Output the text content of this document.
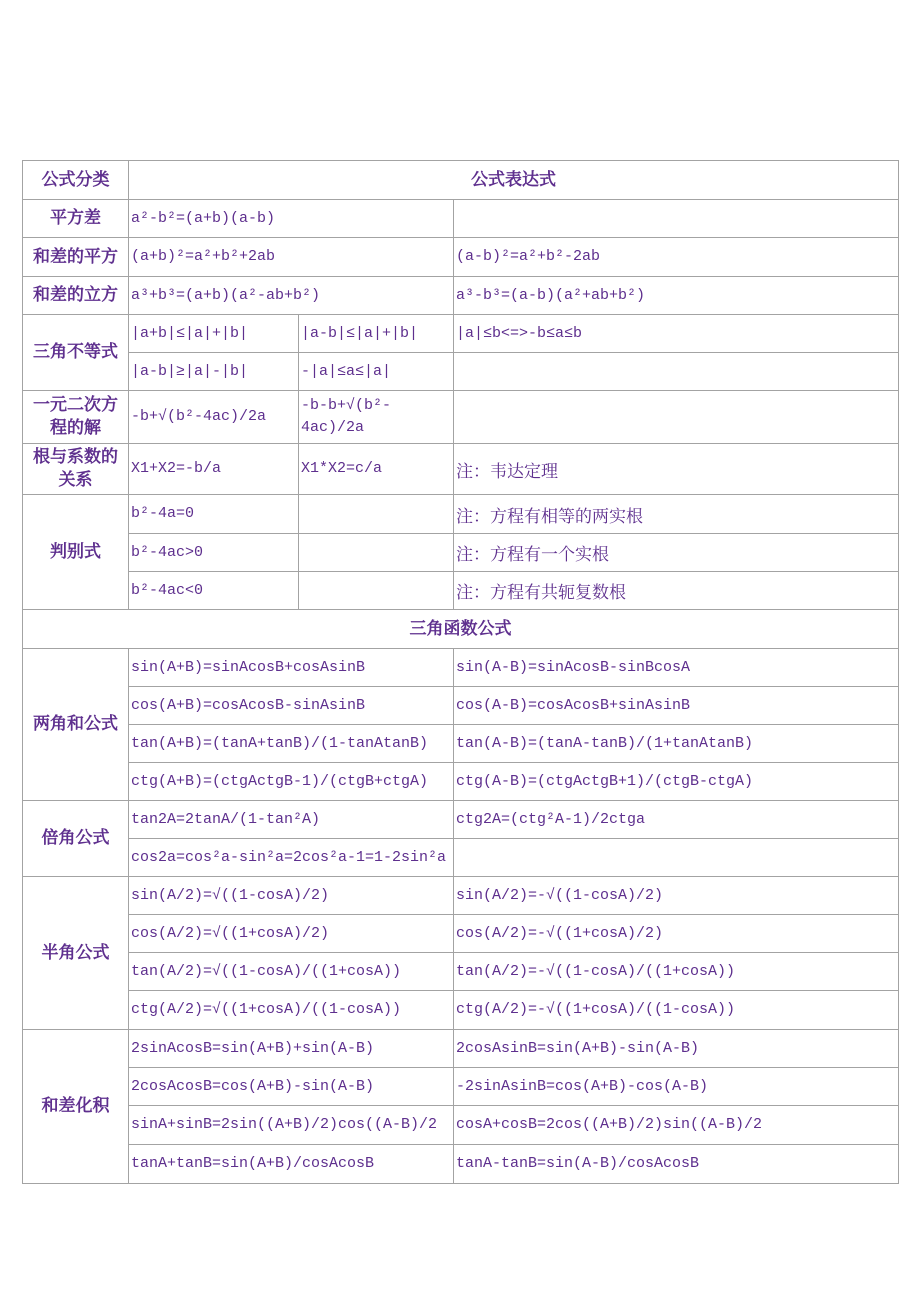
公式分类	公式表达式		
平方差	a²-b²=(a+b)(a-b)		
和差的平方	(a+b)²=a²+b²+2ab		(a-b)²=a²+b²-2ab
和差的立方	a³+b³=(a+b)(a²-ab+b²)		a³-b³=(a-b)(a²+ab+b²)
三角不等式	|a+b|≤|a|+|b|	|a-b|≤|a|+|b|	|a|≤b<=>-b≤a≤b
	|a-b|≥|a|-|b|	-|a|≤a≤|a|	
一元二次方程的解	-b+√(b²-4ac)/2a	-b-b+√(b²-4ac)/2a	
根与系数的关系	X1+X2=-b/a	X1*X2=c/a	注：韦达定理
判别式	b²-4a=0		注：方程有相等的两实根
	b²-4ac>0		注：方程有一个实根
	b²-4ac<0		注：方程有共轭复数根
三角函数公式			
两角和公式	sin(A+B)=sinAcosB+cosAsinB		sin(A-B)=sinAcosB-sinBcosA
	cos(A+B)=cosAcosB-sinAsinB		cos(A-B)=cosAcosB+sinAsinB
	tan(A+B)=(tanA+tanB)/(1-tanAtanB)		tan(A-B)=(tanA-tanB)/(1+tanAtanB)
	ctg(A+B)=(ctgActgB-1)/(ctgB+ctgA)		ctg(A-B)=(ctgActgB+1)/(ctgB-ctgA)
倍角公式	tan2A=2tanA/(1-tan²A)		ctg2A=(ctg²A-1)/2ctga
	cos2a=cos²a-sin²a=2cos²a-1=1-2sin²a		
半角公式	sin(A/2)=√((1-cosA)/2)		sin(A/2)=-√((1-cosA)/2)
	cos(A/2)=√((1+cosA)/2)		cos(A/2)=-√((1+cosA)/2)
	tan(A/2)=√((1-cosA)/((1+cosA))		tan(A/2)=-√((1-cosA)/((1+cosA))
	ctg(A/2)=√((1+cosA)/((1-cosA))		ctg(A/2)=-√((1+cosA)/((1-cosA))
和差化积	2sinAcosB=sin(A+B)+sin(A-B)		2cosAsinB=sin(A+B)-sin(A-B)
	2cosAcosB=cos(A+B)-sin(A-B)		-2sinAsinB=cos(A+B)-cos(A-B)
	sinA+sinB=2sin((A+B)/2)cos((A-B)/2		cosA+cosB=2cos((A+B)/2)sin((A-B)/2
	tanA+tanB=sin(A+B)/cosAcosB		tanA-tanB=sin(A-B)/cosAcosB
